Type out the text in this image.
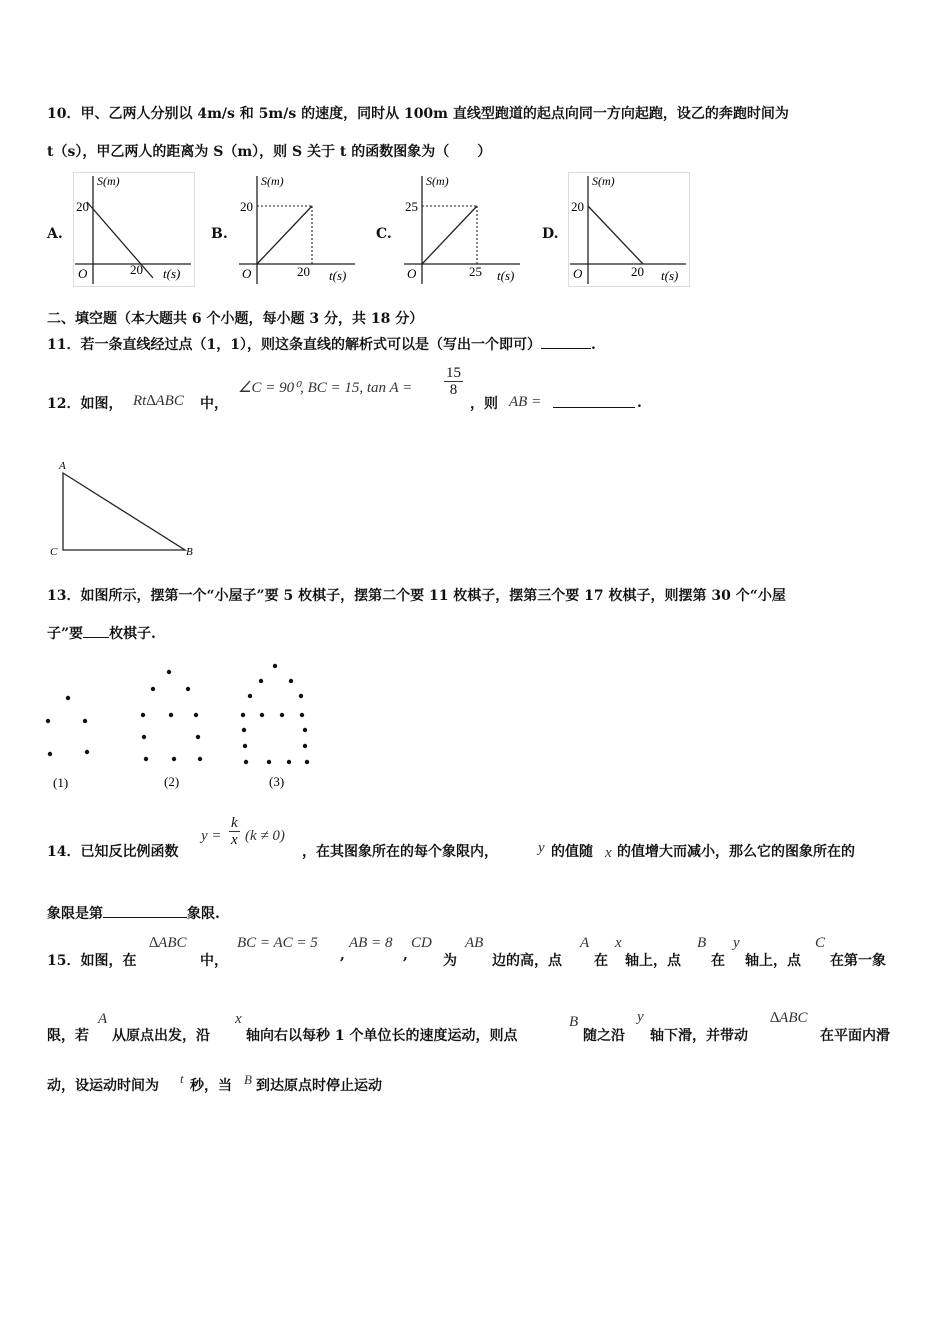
10．甲、乙两人分别以 4m/s 和 5m/s 的速度，同时从 100m 直线型跑道的起点向同一方向起跑，设乙的奔跑时间为
t（s），甲乙两人的距离为 S（m），则 S 关于 t 的函数图象为（　　）
A.
S(m)
20
O	20 t(s)
B.
S(m)
20
O	20 t(s)
C.
S(m)
25
O	25 t(s)
D.
S(m)
20
O	20 t(s)
二、填空题（本大题共 6 个小题，每小题 3 分，共 18 分）
11．若一条直线经过点（1，1），则这条直线的解析式可以是（写出一个即可）	.
12．如图， Rt∆ABC 中，
∠C = 90⁰, BC = 15, $\tan A = \frac{15}{8}$
，则 AB =	.
A
C	B
13．如图所示，摆第一个“小屋子”要 5 枚棋子，摆第二个要 11 枚棋子，摆第三个要 17 枚棋子，则摆第 30 个“小屋
子”要 枚棋子.
(1)	(2)	(3)
14．已知反比例函数
$y = \frac{k}{x} (k \ne 0)$
，在其图象所在的每个象限内，	y 的值随 x 的值增大而减小，那么它的图象所在的
象限是第	象限.
15．如图，在
∆ABC
中，
BC = AC = 5
,
AB = 8
,
CD
为
AB
边的高，点
A
在
x
轴上，点
B
在
y
轴上，点
C
在第一象
限，若
A
从原点出发，沿
x
轴向右以每秒 1 个单位长的速度运动，则点
B
随之沿
y
轴下滑，并带动
∆ABC
在平面内滑
动，设运动时间为 t 秒，当 B 到达原点时停止运动
